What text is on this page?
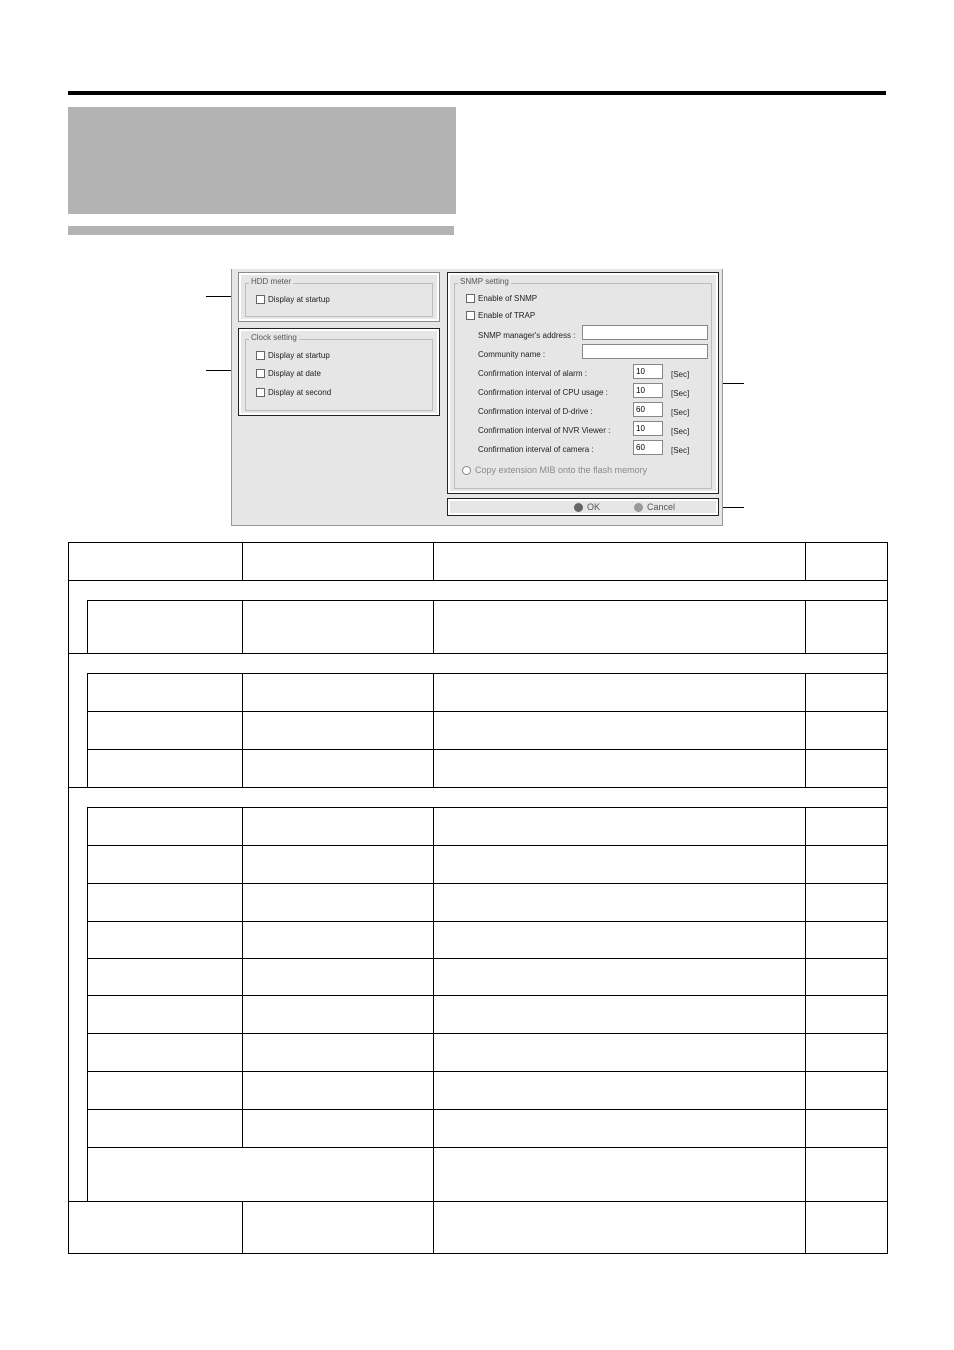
HDD meter
Display at startup
Clock setting
Display at startup
Display at date
Display at second
SNMP setting
Enable of SNMP
Enable of TRAP
SNMP manager's address :
Community name :
Confirmation interval of alarm :
10	[Sec]
Confirmation interval of CPU usage :
10	[Sec]
Confirmation interval of D-drive :
60	[Sec]
Confirmation interval of NVR Viewer :
10	[Sec]
Confirmation interval of camera :
60	[Sec]
Copy extension MIB onto the flash memory
OK	Cancel
